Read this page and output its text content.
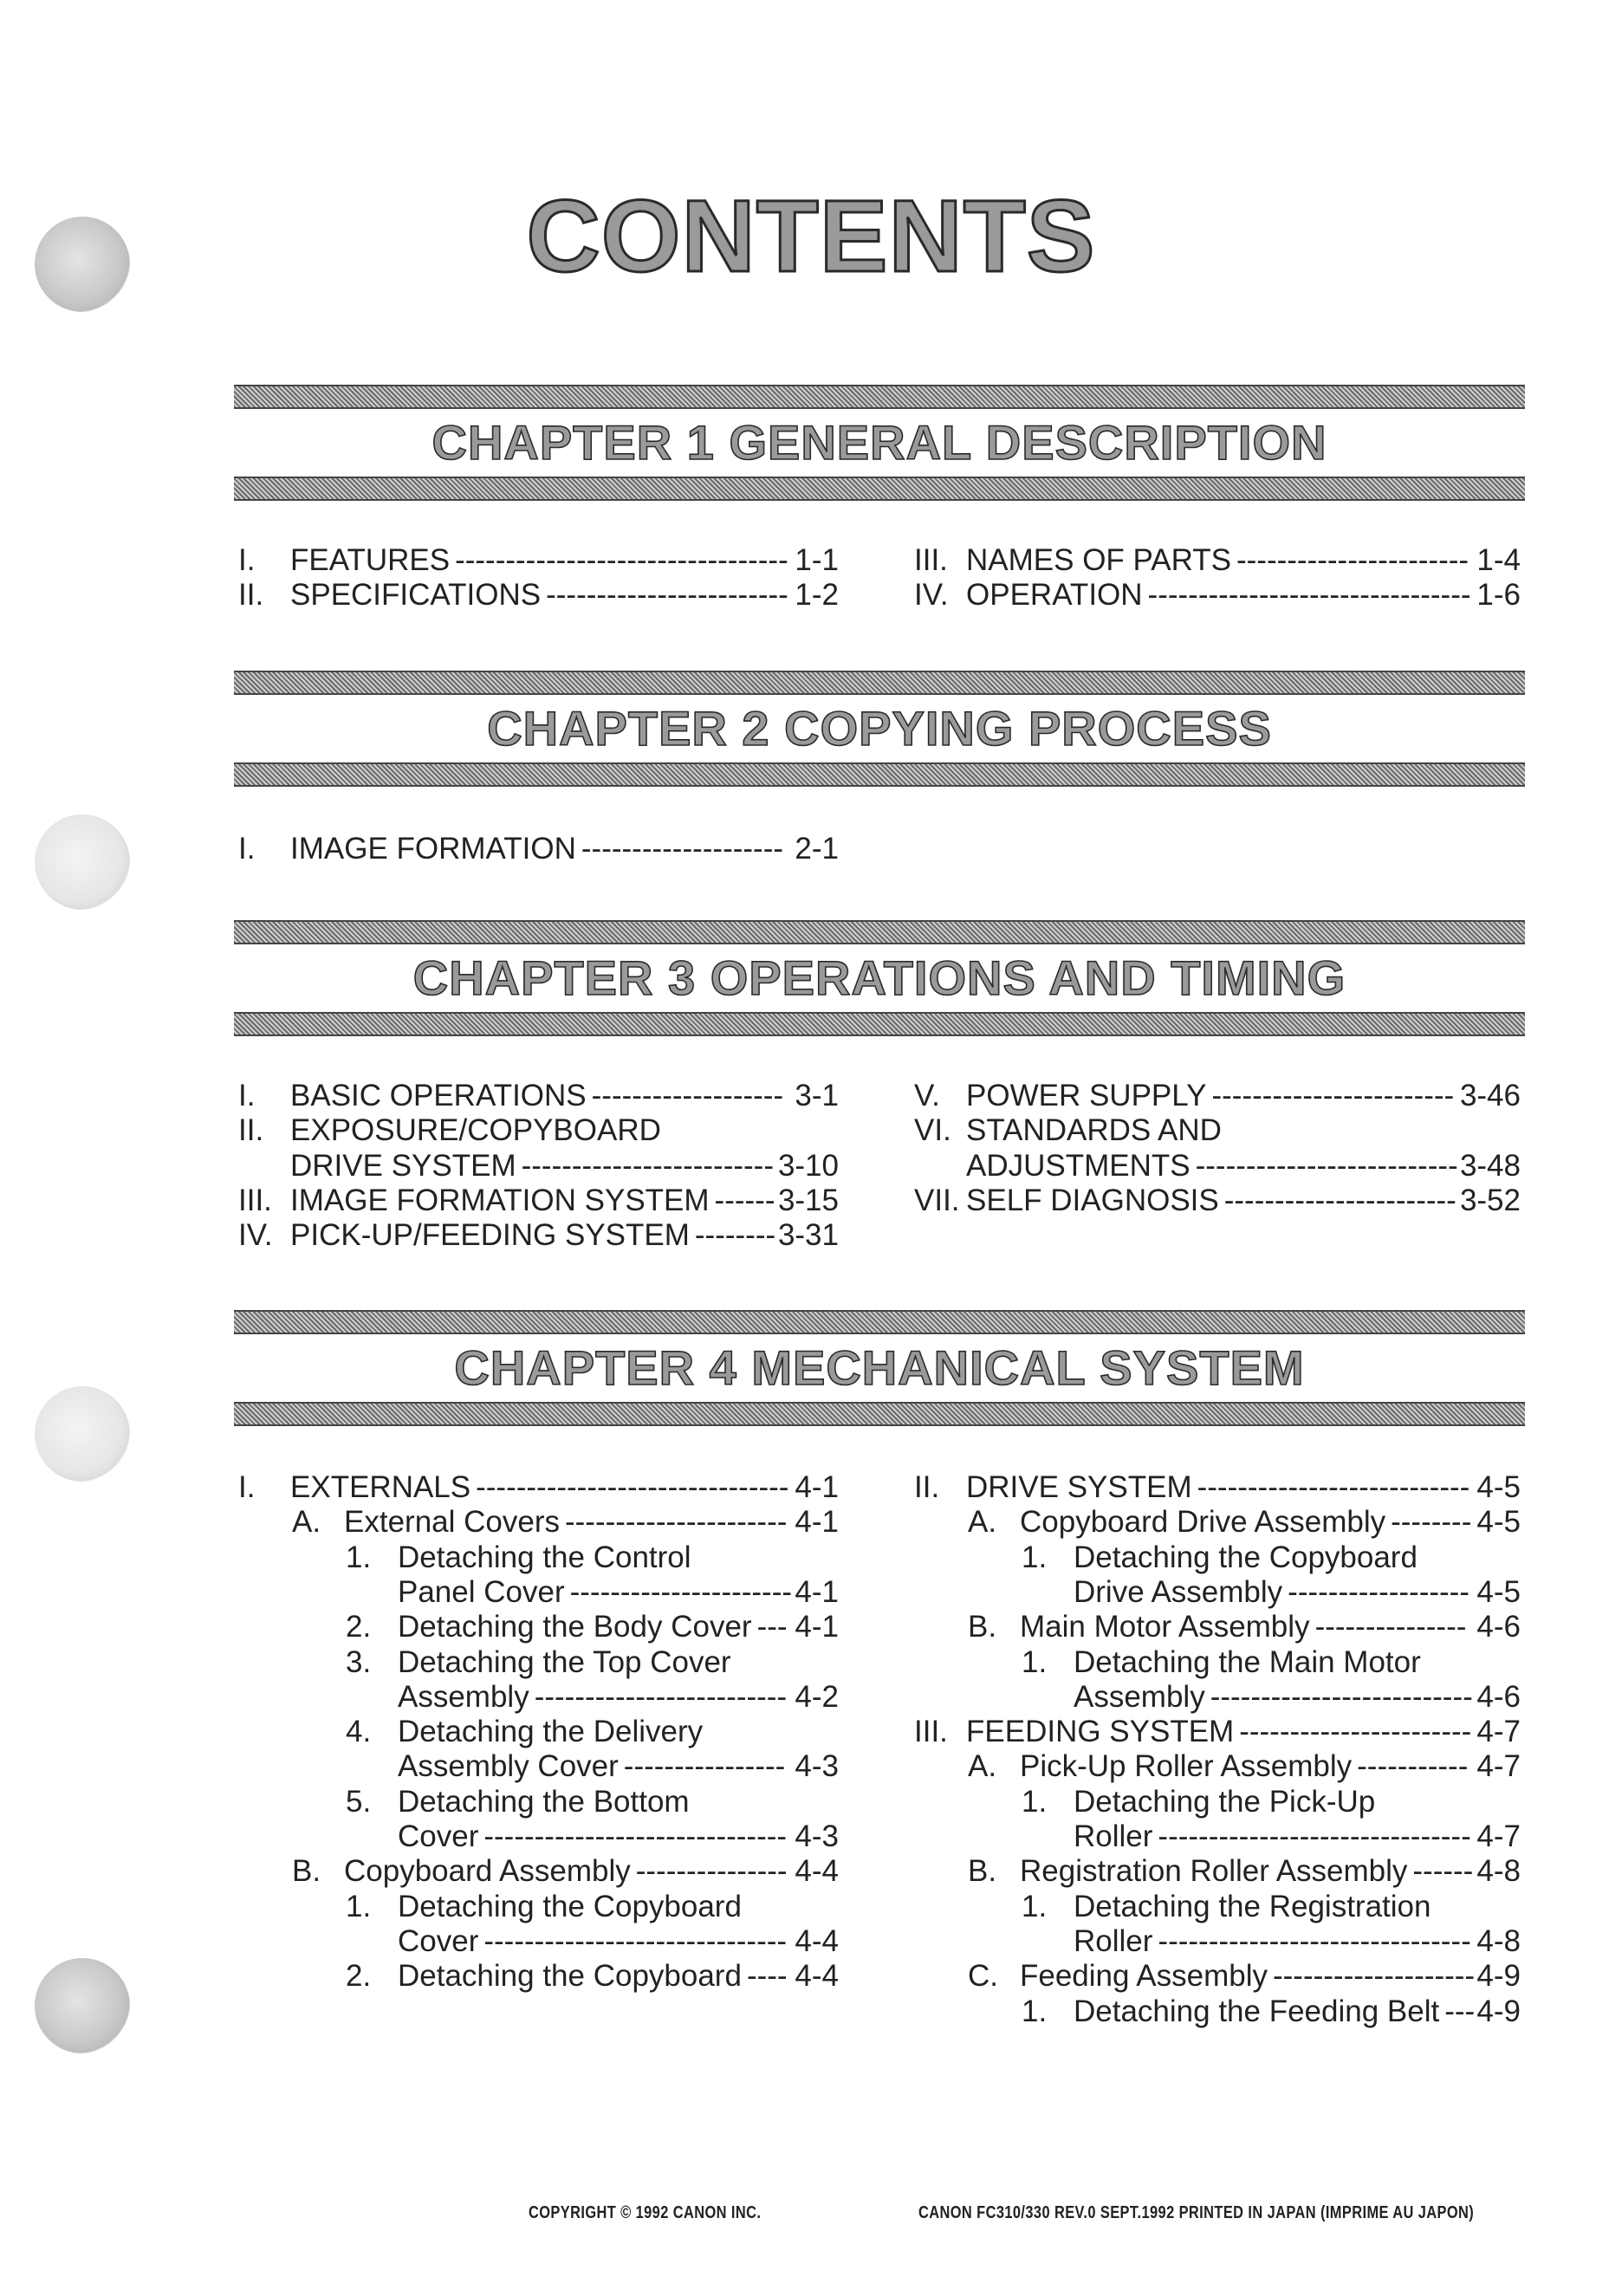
CONTENTS
CHAPTER 1 GENERAL DESCRIPTION
CHAPTER 2 COPYING PROCESS
CHAPTER 3 OPERATIONS AND TIMING
CHAPTER 4 MECHANICAL SYSTEM
I. FEATURES	1-1
---------------------------------
II. SPECIFICATIONS	1-2
------------------------
III. NAMES OF PARTS	1-4
-----------------------
IV. OPERATION	1-6
--------------------------------
I. IMAGE FORMATION	2-1
--------------------
I. BASIC OPERATIONS	3-1
-------------------
II. EXPOSURE/COPYBOARD
DRIVE SYSTEM	3-10
-------------------------
III. IMAGE FORMATION SYSTEM 3-15
------
IV. PICK-UP/FEEDING SYSTEM	3-31
--------
V. POWER SUPPLY	3-46
------------------------
VI. STANDARDS AND
ADJUSTMENTS	3-48
--------------------------
VII. SELF DIAGNOSIS	3-52
-----------------------
I. EXTERNALS	4-1
-------------------------------
A. External Covers	4-1
----------------------
1. Detaching the Control
Panel Cover	4-1
----------------------
2. Detaching the Body Cover 4-1
---
3. Detaching the Top Cover
Assembly	4-2
-------------------------
4. Detaching the Delivery
Assembly Cover	4-3
----------------
5. Detaching the Bottom
Cover	4-3
------------------------------
B. Copyboard Assembly	4-4
---------------
1. Detaching the Copyboard
Cover	4-4
------------------------------
2. Detaching the Copyboard 4-4
----
II. DRIVE SYSTEM	4-5
---------------------------
A. Copyboard Drive Assembly	4-5
--------
1. Detaching the Copyboard
Drive Assembly	4-5
------------------
B. Main Motor Assembly	4-6
---------------
1. Detaching the Main Motor
Assembly	4-6
--------------------------
III. FEEDING SYSTEM	4-7
-----------------------
A. Pick-Up Roller Assembly	4-7
-----------
1. Detaching the Pick-Up
Roller	4-7
-------------------------------
B. Registration Roller Assembly 4-8
------
1. Detaching the Registration
Roller	4-8
-------------------------------
C. Feeding Assembly	4-9
--------------------
1. Detaching the Feeding Belt 4-9
---
COPYRIGHT © 1992 CANON INC.	CANON FC310/330 REV.0 SEPT.1992 PRINTED IN JAPAN (IMPRIME AU JAPON)
